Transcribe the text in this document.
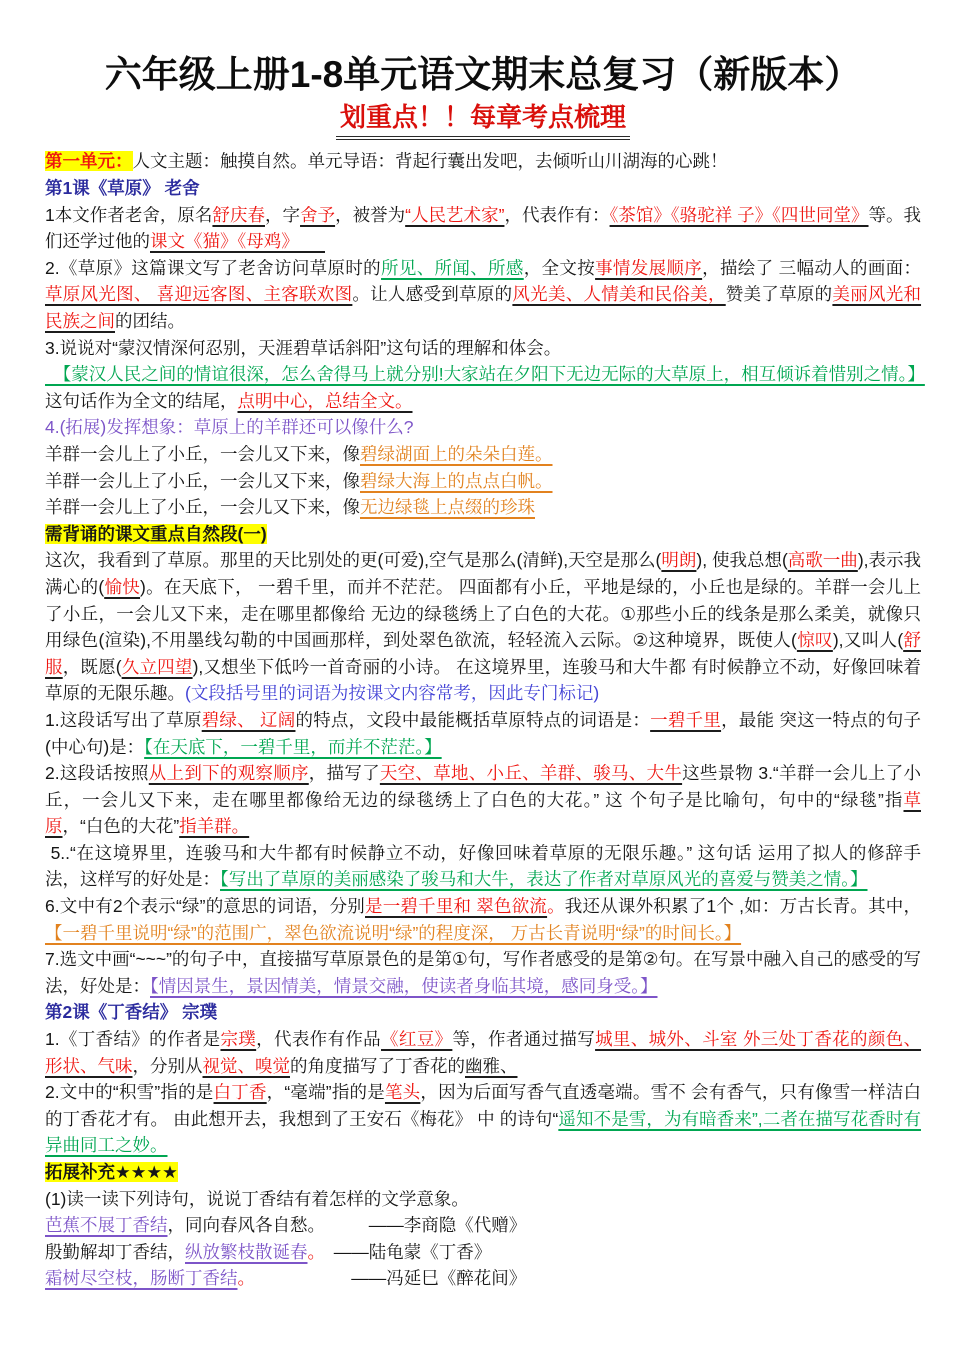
六年级上册1-8单元语文期末总复习（新版本）
划重点！！每章考点梳理
第一单元：人文主题：触摸自然。单元导语：背起行囊出发吧，去倾听山川湖海的心跳！
第1课《草原》 老舍
1本文作者老舍，原名舒庆春，字舍予，被誉为“人民艺术家”，代表作有：《茶馆》《骆驼祥 子》《四世同堂》等。我们还学过他的课文《猫》《母鸡》　　
2.《草原》这篇课文写了老舍访问草原时的所见、所闻、所感，全文按事情发展顺序，描绘了 三幅动人的画面：草原风光图、 喜迎远客图、主客联欢图。让人感受到草原的风光美、人情美和民俗美，赞美了草原的美丽风光和民族之间的团结。
3.说说对“蒙汉情深何忍别，天涯碧草话斜阳”这句话的理解和体会。
　【蒙汉人民之间的情谊很深，怎么舍得马上就分别!大家站在夕阳下无边无际的大草原上，相互倾诉着惜别之情。】这句话作为全文的结尾，点明中心，总结全文。
4.(拓展)发挥想象：草原上的羊群还可以像什么?
羊群一会儿上了小丘，一会儿又下来，像碧绿湖面上的朵朵白莲。
羊群一会儿上了小丘，一会儿又下来，像碧绿大海上的点点白帆。
羊群一会儿上了小丘，一会儿又下来，像无边绿毯上点缀的珍珠
需背诵的课文重点自然段(一)
这次，我看到了草原。那里的天比别处的更(可爱),空气是那么(清鲜),天空是那么(明朗), 使我总想(高歌一曲),表示我满心的(愉快)。在天底下， 一碧千里，而并不茫茫。 四面都有小丘，平地是绿的，小丘也是绿的。羊群一会儿上了小丘，一会儿又下来，走在哪里都像给 无边的绿毯绣上了白色的大花。①那些小丘的线条是那么柔美，就像只用绿色(渲染),不用墨线勾勒的中国画那样，到处翠色欲流，轻轻流入云际。②这种境界，既使人(惊叹),又叫人(舒服，既愿(久立四望),又想坐下低吟一首奇丽的小诗。 在这境界里，连骏马和大牛都 有时候静立不动，好像回味着草原的无限乐趣。(文段括号里的词语为按课文内容常考，因此专门标记)
1.这段话写出了草原碧绿、 辽阔的特点，文段中最能概括草原特点的词语是：一碧千里，最能 突这一特点的句子(中心句)是：【在天底下，一碧千里，而并不茫茫。】
2.这段话按照从上到下的观察顺序，描写了天空、草地、小丘、羊群、骏马、大牛这些景物 3.“羊群一会儿上了小丘，一会儿又下来，走在哪里都像给无边的绿毯绣上了白色的大花。” 这 个句子是比喻句，句中的“绿毯”指草原，“白色的大花”指羊群。
5..“在这境界里，连骏马和大牛都有时候静立不动，好像回味着草原的无限乐趣。” 这句话 运用了拟人的修辞手法，这样写的好处是：【写出了草原的美丽感染了骏马和大牛，表达了作者对草原风光的喜爱与赞美之情。】
6.文中有2个表示“绿”的意思的词语，分别是一碧千里和 翠色欲流。我还从课外积累了1个 ,如：万古长青。其中，【一碧千里说明“绿”的范围广，翠色欲流说明“绿”的程度深， 万古长青说明“绿”的时间长。】
7.选文中画“~~~”的句子中，直接描写草原景色的是第①句，写作者感受的是第②句。在写景中融入自己的感受的写法，好处是：【情因景生，景因情美，情景交融，使读者身临其境，感同身受。】
第2课《丁香结》 宗璞
1.《丁香结》的作者是宗璞，代表作有作品《红豆》等，作者通过描写城里、城外、斗室 外三处丁香花的颜色、形状、气味，分别从视觉、嗅觉的角度描写了丁香花的幽雅、
2.文中的“积雪”指的是白丁香，“毫端”指的是笔头，因为后面写香气直透毫端。雪不 会有香气，只有像雪一样洁白的丁香花才有。 由此想开去，我想到了王安石《梅花》 中 的诗句“遥知不是雪，为有暗香来”,二者在描写花香时有异曲同工之妙。
拓展补充★★★★
(1)读一读下列诗句，说说丁香结有着怎样的文学意象。
芭蕉不展丁香结，同向春风各自愁。　　　——李商隐《代赠》
殷勤解却丁香结，纵放繁枝散诞春。　——陆龟蒙《丁香》
霜树尽空枝，肠断丁香结。　　　　　　——冯延巳《醉花间》
